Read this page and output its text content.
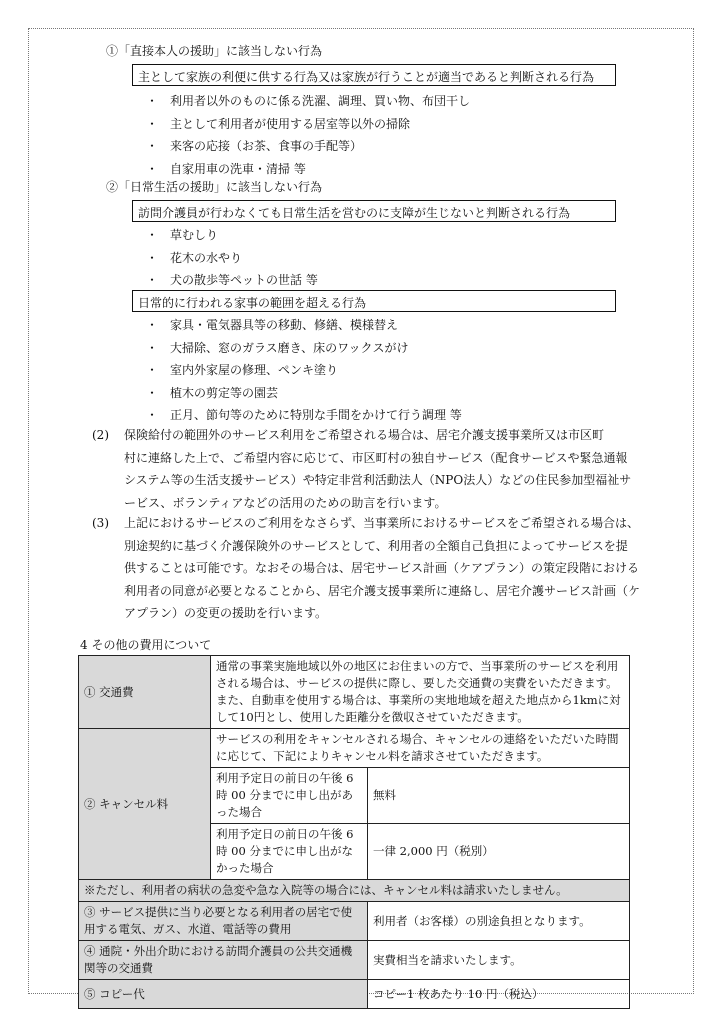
①「直接本人の援助」に該当しない行為
主として家族の利便に供する行為又は家族が行うことが適当であると判断される行為
・ 利用者以外のものに係る洗濯、調理、買い物、布団干し
・ 主として利用者が使用する居室等以外の掃除
・ 来客の応接（お茶、食事の手配等）
・ 自家用車の洗車・清掃 等
②「日常生活の援助」に該当しない行為
訪問介護員が行わなくても日常生活を営むのに支障が生じないと判断される行為
・ 草むしり
・ 花木の水やり
・ 犬の散歩等ペットの世話 等
日常的に行われる家事の範囲を超える行為
・ 家具・電気器具等の移動、修繕、模様替え
・ 大掃除、窓のガラス磨き、床のワックスがけ
・ 室内外家屋の修理、ペンキ塗り
・ 植木の剪定等の園芸
・ 正月、節句等のために特別な手間をかけて行う調理 等
(2)	保険給付の範囲外のサービス利用をご希望される場合は、居宅介護支援事業所又は市区町
村に連絡した上で、ご希望内容に応じて、市区町村の独自サービス（配食サービスや緊急通報
システム等の生活支援サービス）や特定非営利活動法人（NPO法人）などの住民参加型福祉サ
ービス、ボランティアなどの活用のための助言を行います。
(3)	上記におけるサービスのご利用をなさらず、当事業所におけるサービスをご希望される場合は、
別途契約に基づく介護保険外のサービスとして、利用者の全額自己負担によってサービスを提
供することは可能です。なおその場合は、居宅サービス計画（ケアプラン）の策定段階における
利用者の同意が必要となることから、居宅介護支援事業所に連絡し、居宅介護サービス計画（ケ
アプラン）の変更の援助を行います。
4 その他の費用について
① 交通費	通常の事業実施地域以外の地区にお住まいの方で、当事業所のサービスを利用される場合は、サービスの提供に際し、要した交通費の実費をいただきます。また、自動車を使用する場合は、事業所の実地地域を超えた地点から1kmに対して10円とし、使用した距離分を徴収させていただきます。	
② キャンセル料	サービスの利用をキャンセルされる場合、キャンセルの連絡をいただいた時間に応じて、下記によりキャンセル料を請求させていただきます。	
	利用予定日の前日の午後 6 時 00 分までに申し出があった場合	無料
	利用予定日の前日の午後 6 時 00 分までに申し出がなかった場合	一律 2,000 円（税別）
※ただし、利用者の病状の急変や急な入院等の場合には、キャンセル料は請求いたしません。		
③ サービス提供に当り必要となる利用者の居宅で使用する電気、ガス、水道、電話等の費用		利用者（お客様）の別途負担となります。
④ 通院・外出介助における訪問介護員の公共交通機関等の交通費		実費相当を請求いたします。
⑤ コピー代		コピー1 枚あたり 10 円（税込）
